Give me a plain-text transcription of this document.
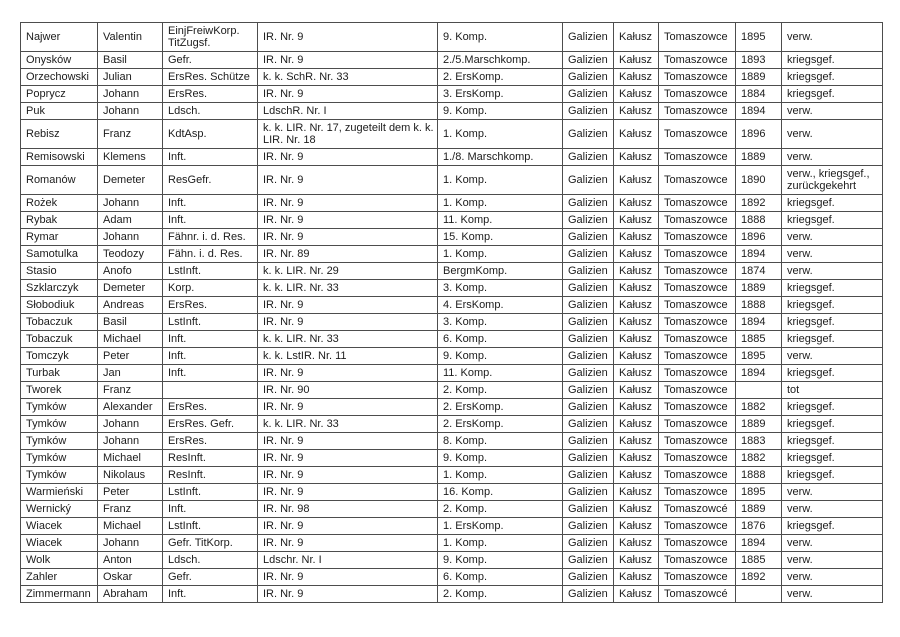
Najwer	Valentin	EinjFreiwKorp. TitZugsf.	IR. Nr. 9	9. Komp.	Galizien	Kałusz	Tomaszowce	1895	verw.
Onysków	Basil	Gefr.	IR. Nr. 9	2./5.Marschkomp.	Galizien	Kałusz	Tomaszowce	1893	kriegsgef.
Orzechowski	Julian	ErsRes. Schütze	k. k. SchR. Nr. 33	2. ErsKomp.	Galizien	Kałusz	Tomaszowce	1889	kriegsgef.
Poprycz	Johann	ErsRes.	IR. Nr. 9	3. ErsKomp.	Galizien	Kałusz	Tomaszowce	1884	kriegsgef.
Puk	Johann	Ldsch.	LdschR. Nr. I	9. Komp.	Galizien	Kałusz	Tomaszowce	1894	verw.
Rebisz	Franz	KdtAsp.	k. k. LIR. Nr. 17, zugeteilt dem k. k. LIR. Nr. 18	1. Komp.	Galizien	Kałusz	Tomaszowce	1896	verw.
Remisowski	Klemens	Inft.	IR. Nr. 9	1./8. Marschkomp.	Galizien	Kałusz	Tomaszowce	1889	verw.
Romanów	Demeter	ResGefr.	IR. Nr. 9	1. Komp.	Galizien	Kałusz	Tomaszowce	1890	verw., kriegsgef., zurückgekehrt
Rożek	Johann	Inft.	IR. Nr. 9	1. Komp.	Galizien	Kałusz	Tomaszowce	1892	kriegsgef.
Rybak	Adam	Inft.	IR. Nr. 9	11. Komp.	Galizien	Kałusz	Tomaszowce	1888	kriegsgef.
Rymar	Johann	Fähnr. i. d. Res.	IR. Nr. 9	15. Komp.	Galizien	Kałusz	Tomaszowce	1896	verw.
Samotulka	Teodozy	Fähn. i. d. Res.	IR. Nr. 89	1. Komp.	Galizien	Kałusz	Tomaszowce	1894	verw.
Stasio	Anofo	LstInft.	k. k. LIR. Nr. 29	BergmKomp.	Galizien	Kałusz	Tomaszowce	1874	verw.
Szklarczyk	Demeter	Korp.	k. k. LIR. Nr. 33	3. Komp.	Galizien	Kałusz	Tomaszowce	1889	kriegsgef.
Słobodiuk	Andreas	ErsRes.	IR. Nr. 9	4. ErsKomp.	Galizien	Kałusz	Tomaszowce	1888	kriegsgef.
Tobaczuk	Basil	LstInft.	IR. Nr. 9	3. Komp.	Galizien	Kałusz	Tomaszowce	1894	kriegsgef.
Tobaczuk	Michael	Inft.	k. k. LIR. Nr. 33	6. Komp.	Galizien	Kałusz	Tomaszowce	1885	kriegsgef.
Tomczyk	Peter	Inft.	k. k. LstIR. Nr. 11	9. Komp.	Galizien	Kałusz	Tomaszowce	1895	verw.
Turbak	Jan	Inft.	IR. Nr. 9	11. Komp.	Galizien	Kałusz	Tomaszowce	1894	kriegsgef.
Tworek	Franz		IR. Nr. 90	2. Komp.	Galizien	Kałusz	Tomaszowce		tot
Tymków	Alexander	ErsRes.	IR. Nr. 9	2. ErsKomp.	Galizien	Kałusz	Tomaszowce	1882	kriegsgef.
Tymków	Johann	ErsRes. Gefr.	k. k. LIR. Nr. 33	2. ErsKomp.	Galizien	Kałusz	Tomaszowce	1889	kriegsgef.
Tymków	Johann	ErsRes.	IR. Nr. 9	8. Komp.	Galizien	Kałusz	Tomaszowce	1883	kriegsgef.
Tymków	Michael	ResInft.	IR. Nr. 9	9. Komp.	Galizien	Kałusz	Tomaszowce	1882	kriegsgef.
Tymków	Nikolaus	ResInft.	IR. Nr. 9	1. Komp.	Galizien	Kałusz	Tomaszowce	1888	kriegsgef.
Warmieński	Peter	LstInft.	IR. Nr. 9	16. Komp.	Galizien	Kałusz	Tomaszowce	1895	verw.
Wernický	Franz	Inft.	IR. Nr. 98	2. Komp.	Galizien	Kałusz	Tomaszowcé	1889	verw.
Wiacek	Michael	LstInft.	IR. Nr. 9	1. ErsKomp.	Galizien	Kałusz	Tomaszowce	1876	kriegsgef.
Wiacek	Johann	Gefr. TitKorp.	IR. Nr. 9	1. Komp.	Galizien	Kałusz	Tomaszowce	1894	verw.
Wolk	Anton	Ldsch.	Ldschr. Nr. I	9. Komp.	Galizien	Kałusz	Tomaszowce	1885	verw.
Zahler	Oskar	Gefr.	IR. Nr. 9	6. Komp.	Galizien	Kałusz	Tomaszowce	1892	verw.
Zimmermann	Abraham	Inft.	IR. Nr. 9	2. Komp.	Galizien	Kałusz	Tomaszowcé		verw.
